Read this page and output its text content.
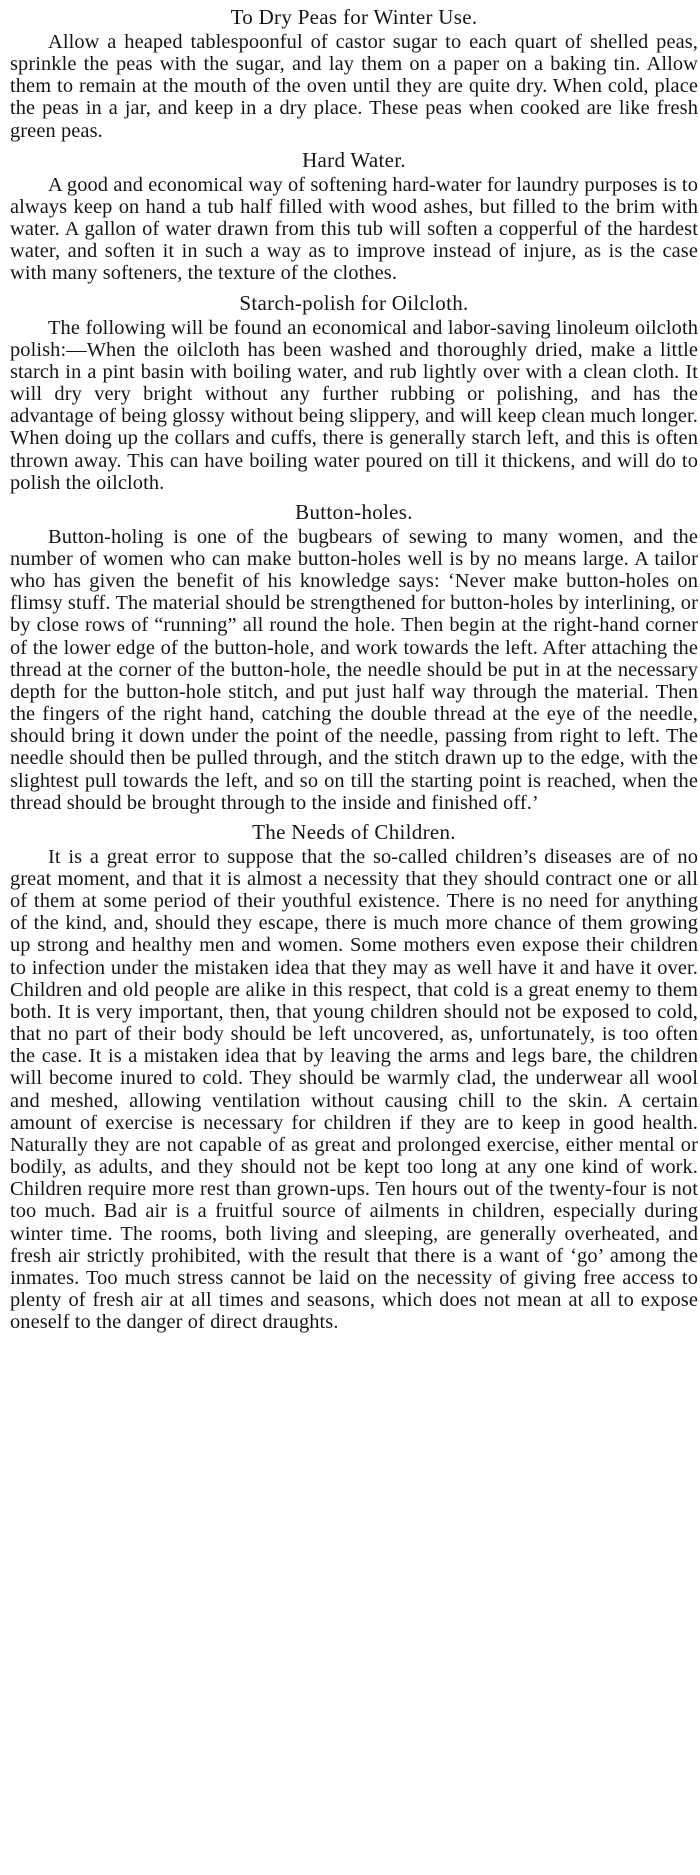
To Dry Peas for Winter Use.

Allow a heaped tablespoonful of castor sugar to each quart of shelled peas, sprinkle the peas with the sugar, and lay them on a paper on a baking tin. Allow them to remain at the mouth of the oven until they are quite dry. When cold, place the peas in a jar, and keep in a dry place. These peas when cooked are like fresh green peas.

Hard Water.

A good and economical way of softening hard-water for laundry purposes is to always keep on hand a tub half filled with wood ashes, but filled to the brim with water. A gallon of water drawn from this tub will soften a copperful of the hardest water, and soften it in such a way as to improve instead of injure, as is the case with many softeners, the texture of the clothes.

Starch-polish for Oilcloth.

The following will be found an economical and labor-saving linoleum oilcloth polish:—When the oilcloth has been washed and thoroughly dried, make a little starch in a pint basin with boiling water, and rub lightly over with a clean cloth. It will dry very bright without any further rubbing or polishing, and has the advantage of being glossy without being slippery, and will keep clean much longer. When doing up the collars and cuffs, there is generally starch left, and this is often thrown away. This can have boiling water poured on till it thickens, and will do to polish the oilcloth.

Button-holes.

Button-holing is one of the bugbears of sewing to many women, and the number of women who can make button-holes well is by no means large. A tailor who has given the benefit of his knowledge says: ‘Never make button-holes on flimsy stuff. The material should be strengthened for button-holes by interlining, or by close rows of “running” all round the hole. Then begin at the right-hand corner of the lower edge of the button-hole, and work towards the left. After attaching the thread at the corner of the button-hole, the needle should be put in at the necessary depth for the button-hole stitch, and put just half way through the material. Then the fingers of the right hand, catching the double thread at the eye of the needle, should bring it down under the point of the needle, passing from right to left. The needle should then be pulled through, and the stitch drawn up to the edge, with the slightest pull towards the left, and so on till the starting point is reached, when the thread should be brought through to the inside and finished off.’

The Needs of Children.

It is a great error to suppose that the so-called children’s diseases are of no great moment, and that it is almost a necessity that they should contract one or all of them at some period of their youthful existence. There is no need for anything of the kind, and, should they escape, there is much more chance of them growing up strong and healthy men and women. Some mothers even expose their children to infection under the mistaken idea that they may as well have it and have it over. Children and old people are alike in this respect, that cold is a great enemy to them both. It is very important, then, that young children should not be exposed to cold, that no part of their body should be left uncovered, as, unfortunately, is too often the case. It is a mistaken idea that by leaving the arms and legs bare, the children will become inured to cold. They should be warmly clad, the underwear all wool and meshed, allowing ventilation without causing chill to the skin. A certain amount of exercise is necessary for children if they are to keep in good health. Naturally they are not capable of as great and prolonged exercise, either mental or bodily, as adults, and they should not be kept too long at any one kind of work. Children require more rest than grown-ups. Ten hours out of the twenty-four is not too much. Bad air is a fruitful source of ailments in children, especially during winter time. The rooms, both living and sleeping, are generally overheated, and fresh air strictly prohibited, with the result that there is a want of ‘go’ among the inmates. Too much stress cannot be laid on the necessity of giving free access to plenty of fresh air at all times and seasons, which does not mean at all to expose oneself to the danger of direct draughts.
